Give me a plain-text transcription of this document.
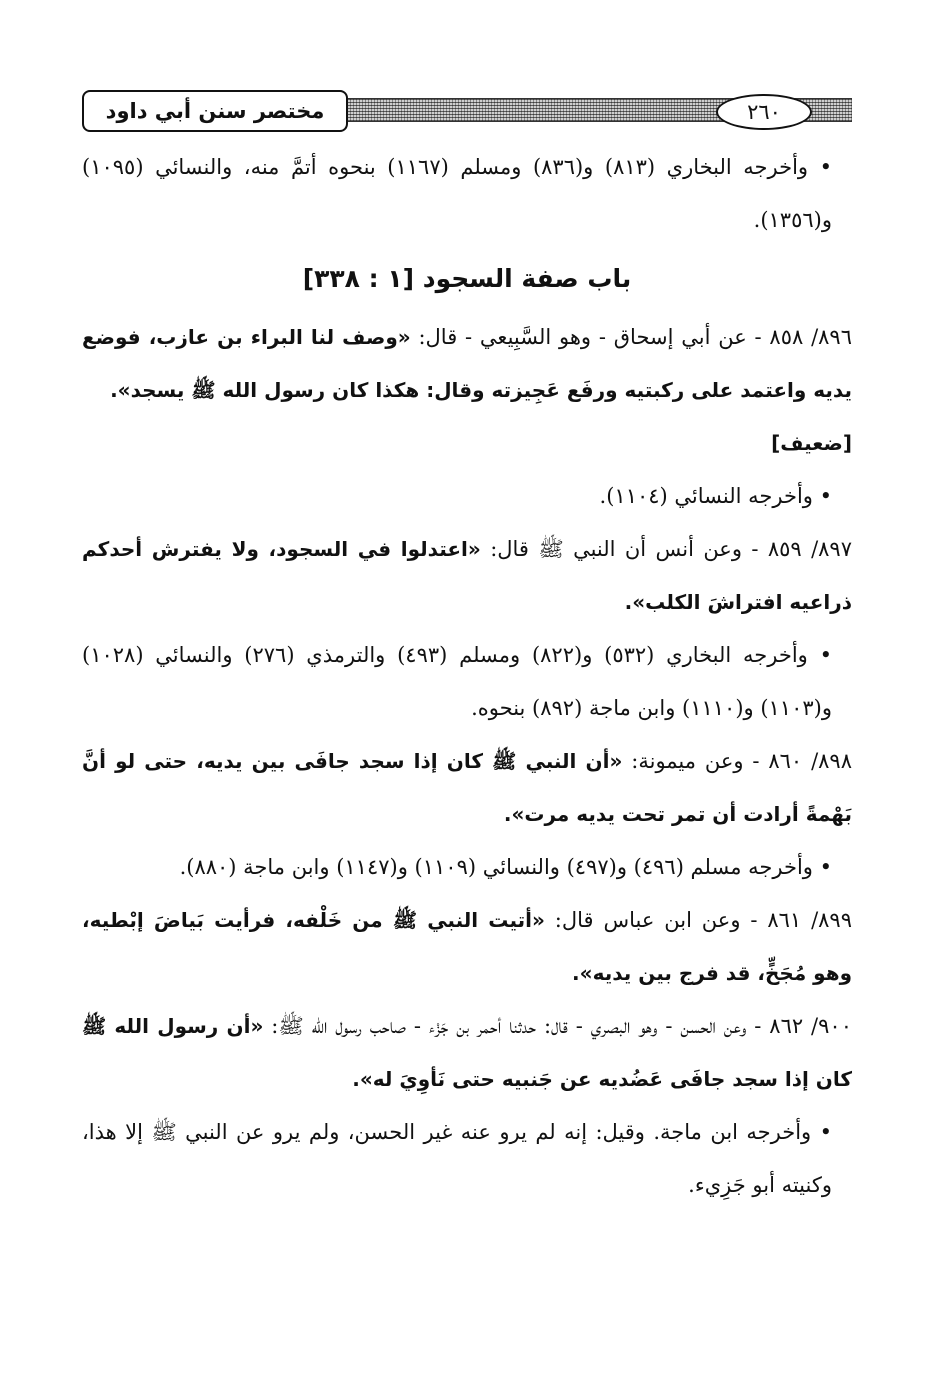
مختصر سنن أبي داود	٢٦٠

• وأخرجه البخاري (٨١٣) و(٨٣٦) ومسلم (١١٦٧) بنحوه أتمَّ منه، والنسائي (١٠٩٥) و(١٣٥٦).

باب صفة السجود [١ : ٣٣٨]

٨٩٦/ ٨٥٨ - عن أبي إسحاق - وهو السَّبِيعي - قال: «وصف لنا البراء بن عازب، فوضع يديه واعتمد على ركبتيه ورفَع عَجِيزته وقال: هكذا كان رسول الله ﷺ يسجد».

[ضعيف]

• وأخرجه النسائي (١١٠٤).

٨٩٧/ ٨٥٩ - وعن أنس أن النبي ﷺ قال: «اعتدلوا في السجود، ولا يفترش أحدكم ذراعيه افتراشَ الكلب».

• وأخرجه البخاري (٥٣٢) و(٨٢٢) ومسلم (٤٩٣) والترمذي (٢٧٦) والنسائي (١٠٢٨) و(١١٠٣) و(١١١٠) وابن ماجة (٨٩٢) بنحوه.

٨٩٨/ ٨٦٠ - وعن ميمونة: «أن النبي ﷺ كان إذا سجد جافَى بين يديه، حتى لو أنَّ بَهْمةً أرادت أن تمر تحت يديه مرت».

• وأخرجه مسلم (٤٩٦) و(٤٩٧) والنسائي (١١٠٩) و(١١٤٧) وابن ماجة (٨٨٠).

٨٩٩/ ٨٦١ - وعن ابن عباس قال: «أتيت النبي ﷺ من خَلْفه، فرأيت بَياضَ إبْطيه، وهو مُجَخٍّ، قد فرج بين يديه».

٩٠٠/ ٨٦٢ - وعن الحسن - وهو البصري - قال: حدثنا أحمر بن جَزْء - صاحب رسول الله ﷺ: «أن رسول الله ﷺ كان إذا سجد جافَى عَضُديه عن جَنبيه حتى نَأوِيَ له».

• وأخرجه ابن ماجة. وقيل: إنه لم يرو عنه غير الحسن، ولم يرو عن النبي ﷺ إلا هذا، وكنيته أبو جَزِيء.
